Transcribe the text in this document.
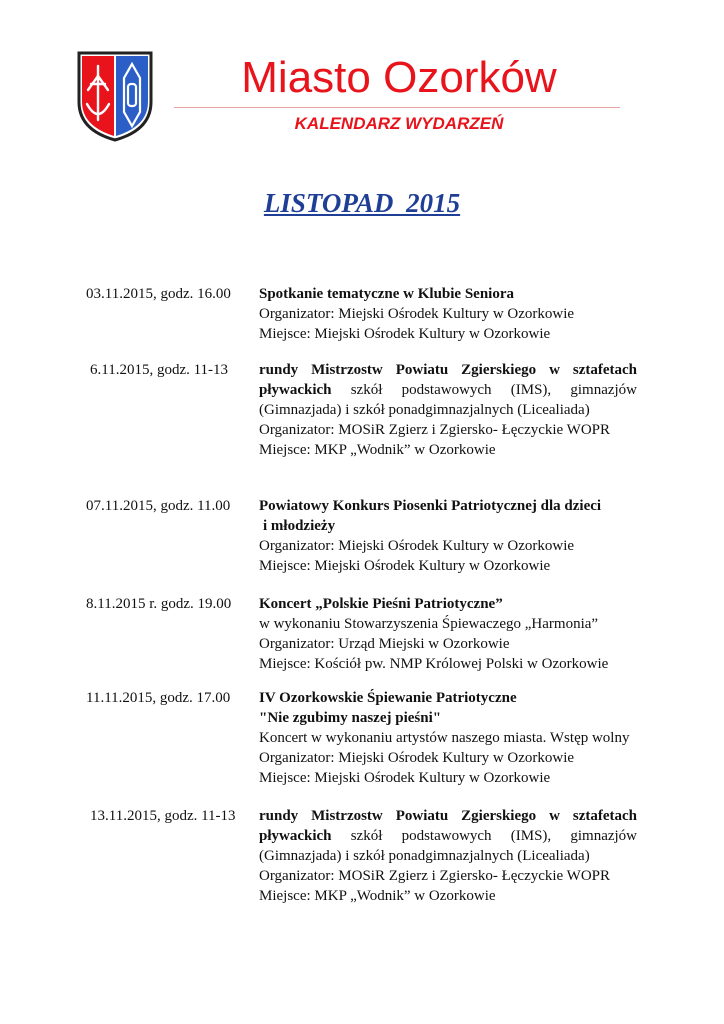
Miasto Ozorków
KALENDARZ WYDARZEŃ
LISTOPAD 2015
03.11.2015, godz. 16.00 Spotkanie tematyczne w Klubie Seniora
Organizator: Miejski Ośrodek Kultury w Ozorkowie
Miejsce: Miejski Ośrodek Kultury w Ozorkowie
6.11.2015, godz. 11-13 rundy Mistrzostw Powiatu Zgierskiego w sztafetach pływackich szkół podstawowych (IMS), gimnazjów (Gimnazjada) i szkół ponadgimnazjalnych (Licealiada)
Organizator: MOSiR Zgierz i Zgiersko- Łęczyckie WOPR
Miejsce: MKP „Wodnik” w Ozorkowie
07.11.2015, godz. 11.00 Powiatowy Konkurs Piosenki Patriotycznej dla dzieci
i młodzieży
Organizator: Miejski Ośrodek Kultury w Ozorkowie
Miejsce: Miejski Ośrodek Kultury w Ozorkowie
8.11.2015 r. godz. 19.00 Koncert „Polskie Pieśni Patriotyczne”
w wykonaniu Stowarzyszenia Śpiewaczego „Harmonia”
Organizator: Urząd Miejski w Ozorkowie
Miejsce: Kościół pw. NMP Królowej Polski w Ozorkowie
11.11.2015, godz. 17.00 IV Ozorkowskie Śpiewanie Patriotyczne
"Nie zgubimy naszej pieśni"
Koncert w wykonaniu artystów naszego miasta. Wstęp wolny
Organizator: Miejski Ośrodek Kultury w Ozorkowie
Miejsce: Miejski Ośrodek Kultury w Ozorkowie
13.11.2015, godz. 11-13 rundy Mistrzostw Powiatu Zgierskiego w sztafetach pływackich szkół podstawowych (IMS), gimnazjów (Gimnazjada) i szkół ponadgimnazjalnych (Licealiada)
Organizator: MOSiR Zgierz i Zgiersko- Łęczyckie WOPR
Miejsce: MKP „Wodnik” w Ozorkowie
